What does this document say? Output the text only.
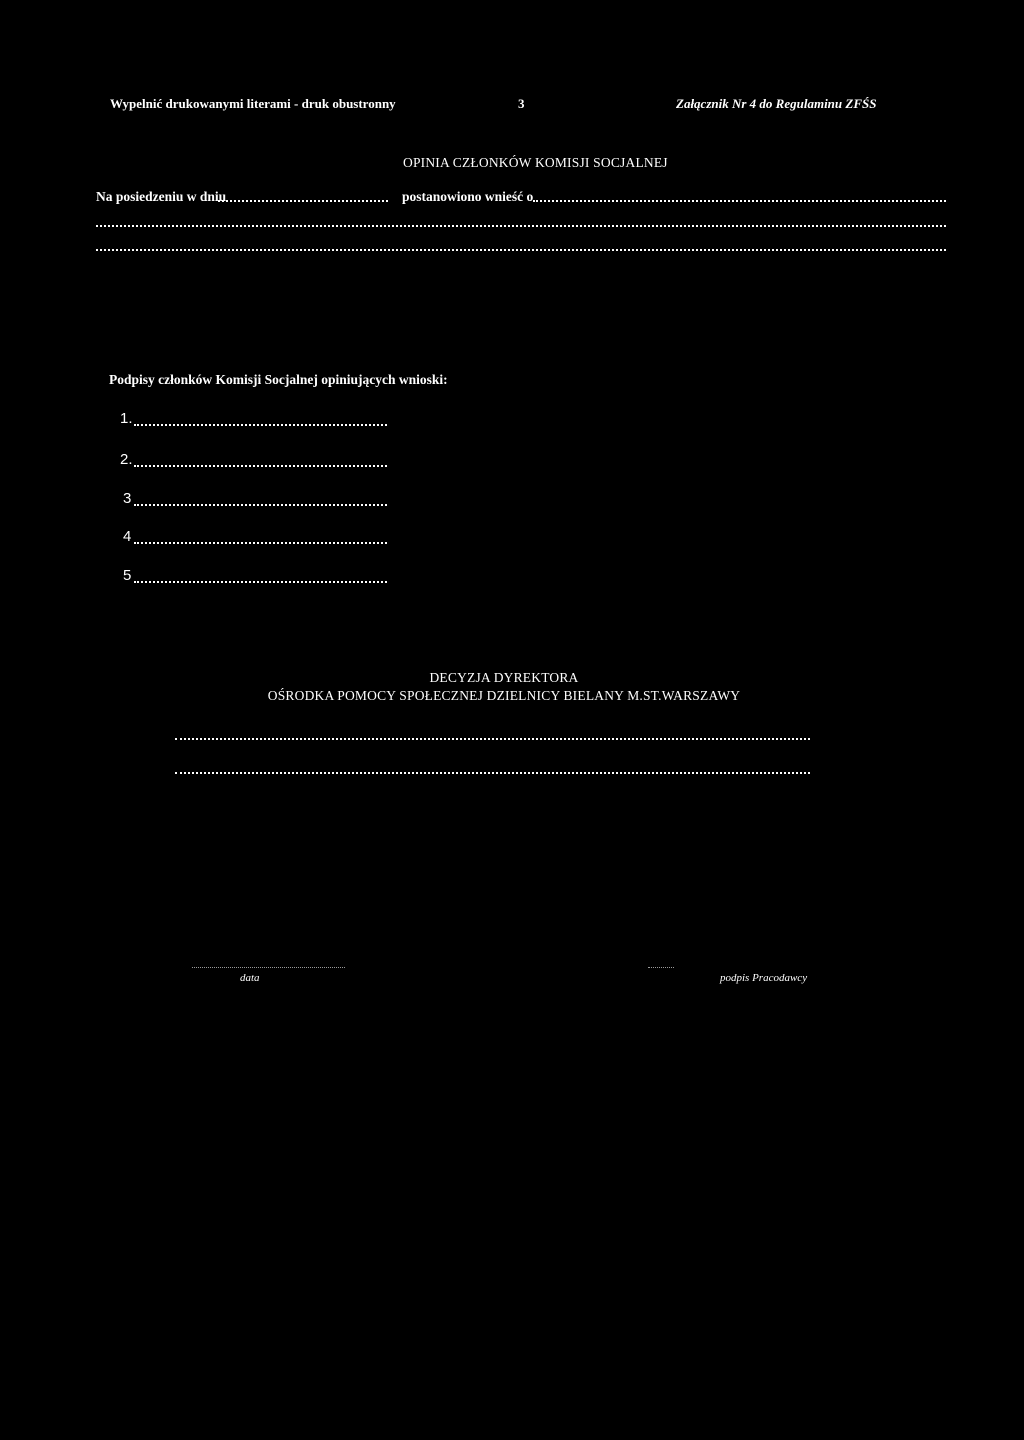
Wypelnić drukowanymi literami - druk obustronny	3	Załącznik Nr 4 do Regulaminu ZFŚS
OPINIA CZŁONKÓW KOMISJI SOCJALNEJ
Na posiedzeniu w dniu	postanowiono wnieść o
Podpisy członków Komisji Socjalnej opiniujących wnioski:
1.
2.
3
4
5
DECYZJA DYREKTORA
OŚRODKA POMOCY SPOŁECZNEJ DZIELNICY BIELANY M.ST.WARSZAWY
data	podpis Pracodawcy
